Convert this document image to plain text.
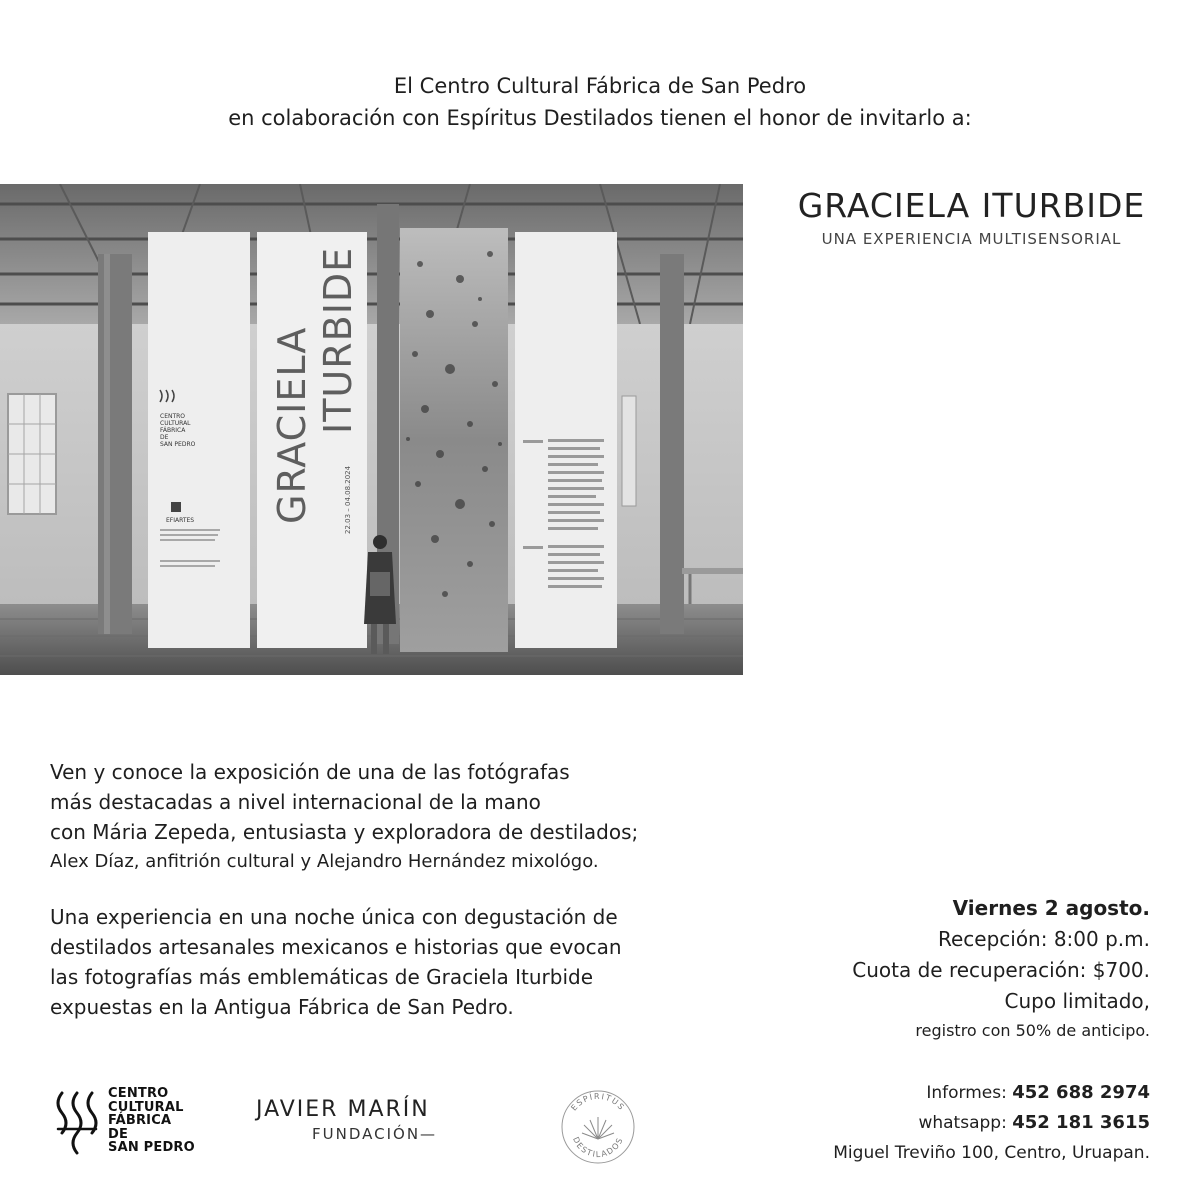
El Centro Cultural Fábrica de San Pedro
en colaboración con Espíritus Destilados tienen el honor de invitarlo a:
CENTRO
CULTURAL
FÁBRICA
DE
SAN PEDRO
EFIARTES GRACIELA ITURBIDE
22.03 – 04.08.2024
GRACIELA ITURBIDE
UNA EXPERIENCIA MULTISENSORIAL
Ven y conoce la exposición de una de las fotógrafas
más destacadas a nivel internacional de la mano
con Mária Zepeda, entusiasta y exploradora de destilados;
Alex Díaz, anfitrión cultural y Alejandro Hernández mixológo.
Una experiencia en una noche única con degustación de
destilados artesanales mexicanos e historias que evocan
las fotografías más emblemáticas de Graciela Iturbide
expuestas en la Antigua Fábrica de San Pedro.
Viernes 2 agosto.
Recepción: 8:00 p.m.
Cuota de recuperación: $700.
Cupo limitado,
registro con 50% de anticipo.
Informes: 452 688 2974
whatsapp: 452 181 3615
Miguel Treviño 100, Centro, Uruapan.
CENTRO
CULTURAL
FÁBRICA
DE
SAN PEDRO
JAVIER MARÍN
FUNDACIÓN—
ESPÍRITUS
DESTILADOS
